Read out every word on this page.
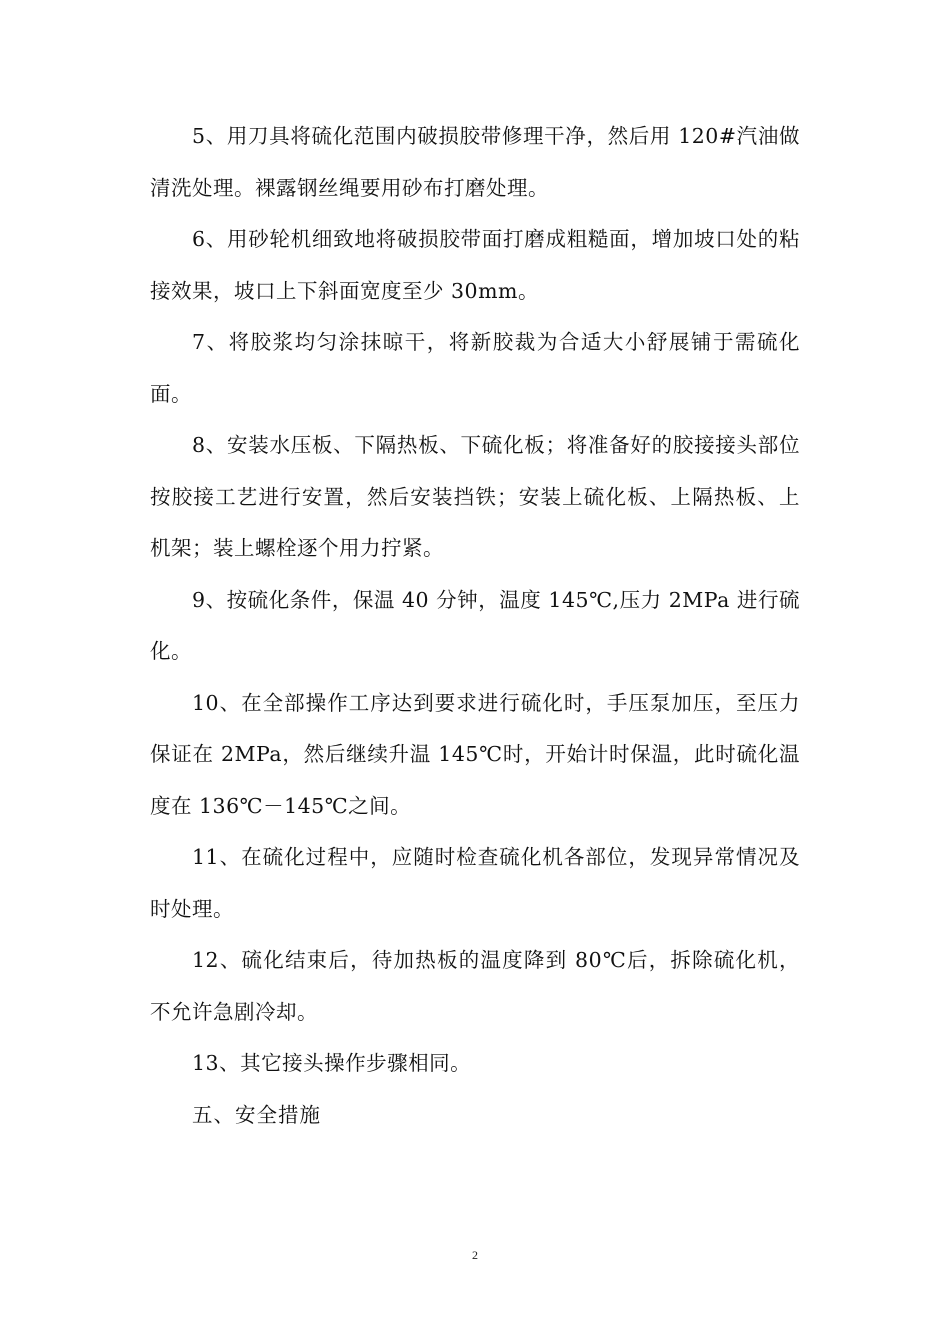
5、用刀具将硫化范围内破损胶带修理干净，然后用 120#汽油做清洗处理。裸露钢丝绳要用砂布打磨处理。

6、用砂轮机细致地将破损胶带面打磨成粗糙面，增加坡口处的粘接效果，坡口上下斜面宽度至少 30mm。

7、将胶浆均匀涂抹晾干，将新胶裁为合适大小舒展铺于需硫化面。

8、安装水压板、下隔热板、下硫化板；将准备好的胶接接头部位按胶接工艺进行安置，然后安装挡铁；安装上硫化板、上隔热板、上机架；装上螺栓逐个用力拧紧。

9、按硫化条件，保温 40 分钟，温度 145℃,压力 2MPa 进行硫化。

10、在全部操作工序达到要求进行硫化时，手压泵加压，至压力保证在 2MPa，然后继续升温 145℃时，开始计时保温，此时硫化温度在 136℃－145℃之间。

11、在硫化过程中，应随时检查硫化机各部位，发现异常情况及时处理。

12、硫化结束后，待加热板的温度降到 80℃后，拆除硫化机，不允许急剧冷却。

13、其它接头操作步骤相同。

五、安全措施

2
